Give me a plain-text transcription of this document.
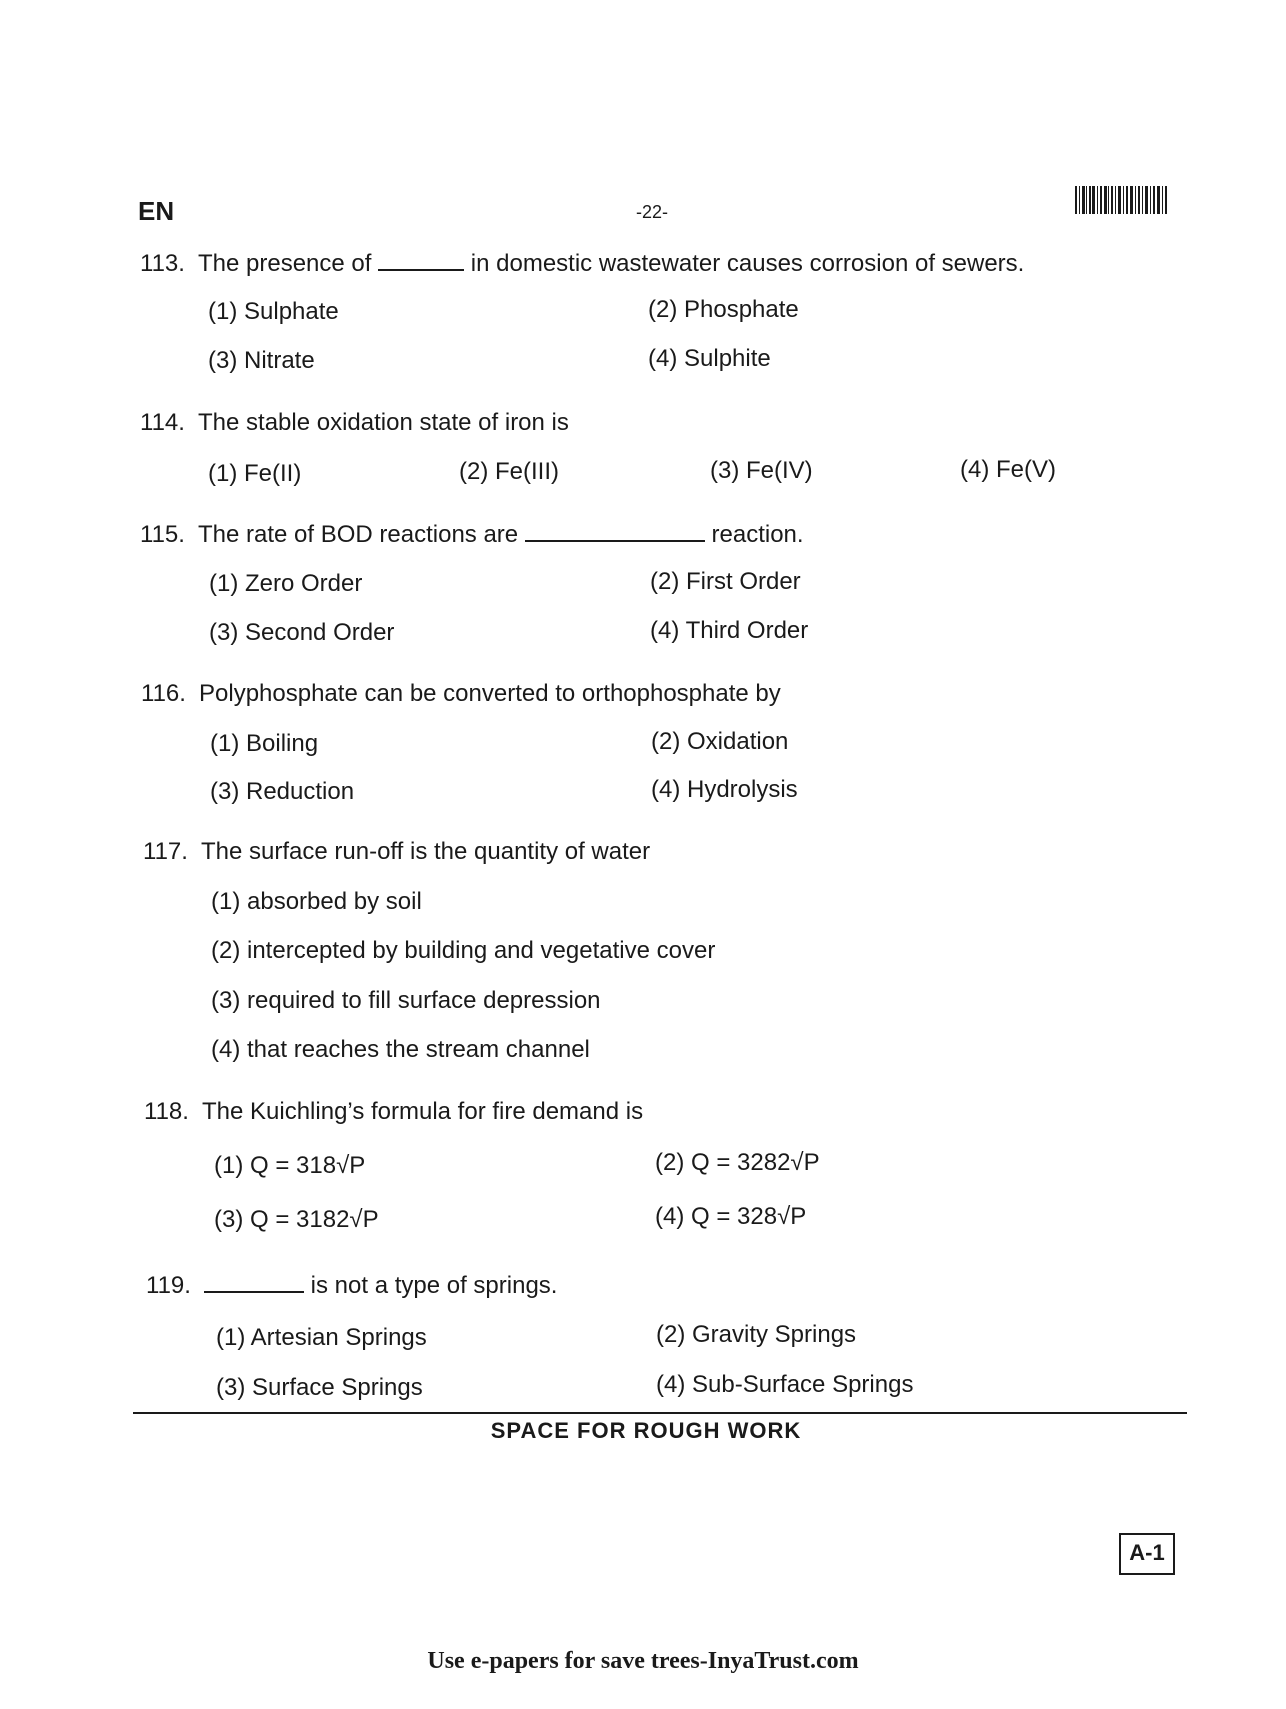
EN	-22-
113. The presence of	in domestic wastewater causes corrosion of sewers.
(1) Sulphate	(2) Phosphate
(3) Nitrate	(4) Sulphite
114. The stable oxidation state of iron is
(1) Fe(II)	(2) Fe(III)	(3) Fe(IV)	(4) Fe(V)
115. The rate of BOD reactions are	reaction.
(1) Zero Order	(2) First Order
(3) Second Order	(4) Third Order
116. Polyphosphate can be converted to orthophosphate by
(1) Boiling	(2) Oxidation
(3) Reduction	(4) Hydrolysis
117. The surface run-off is the quantity of water
(1) absorbed by soil
(2) intercepted by building and vegetative cover
(3) required to fill surface depression
(4) that reaches the stream channel
118. The Kuichling’s formula for fire demand is
(1) Q = 318√P	(2) Q = 3282√P
(3) Q = 3182√P	(4) Q = 328√P
119.	is not a type of springs.
(1) Artesian Springs	(2) Gravity Springs
(3) Surface Springs	(4) Sub-Surface Springs
SPACE FOR ROUGH WORK
A-1
Use e-papers for save trees-InyaTrust.com
